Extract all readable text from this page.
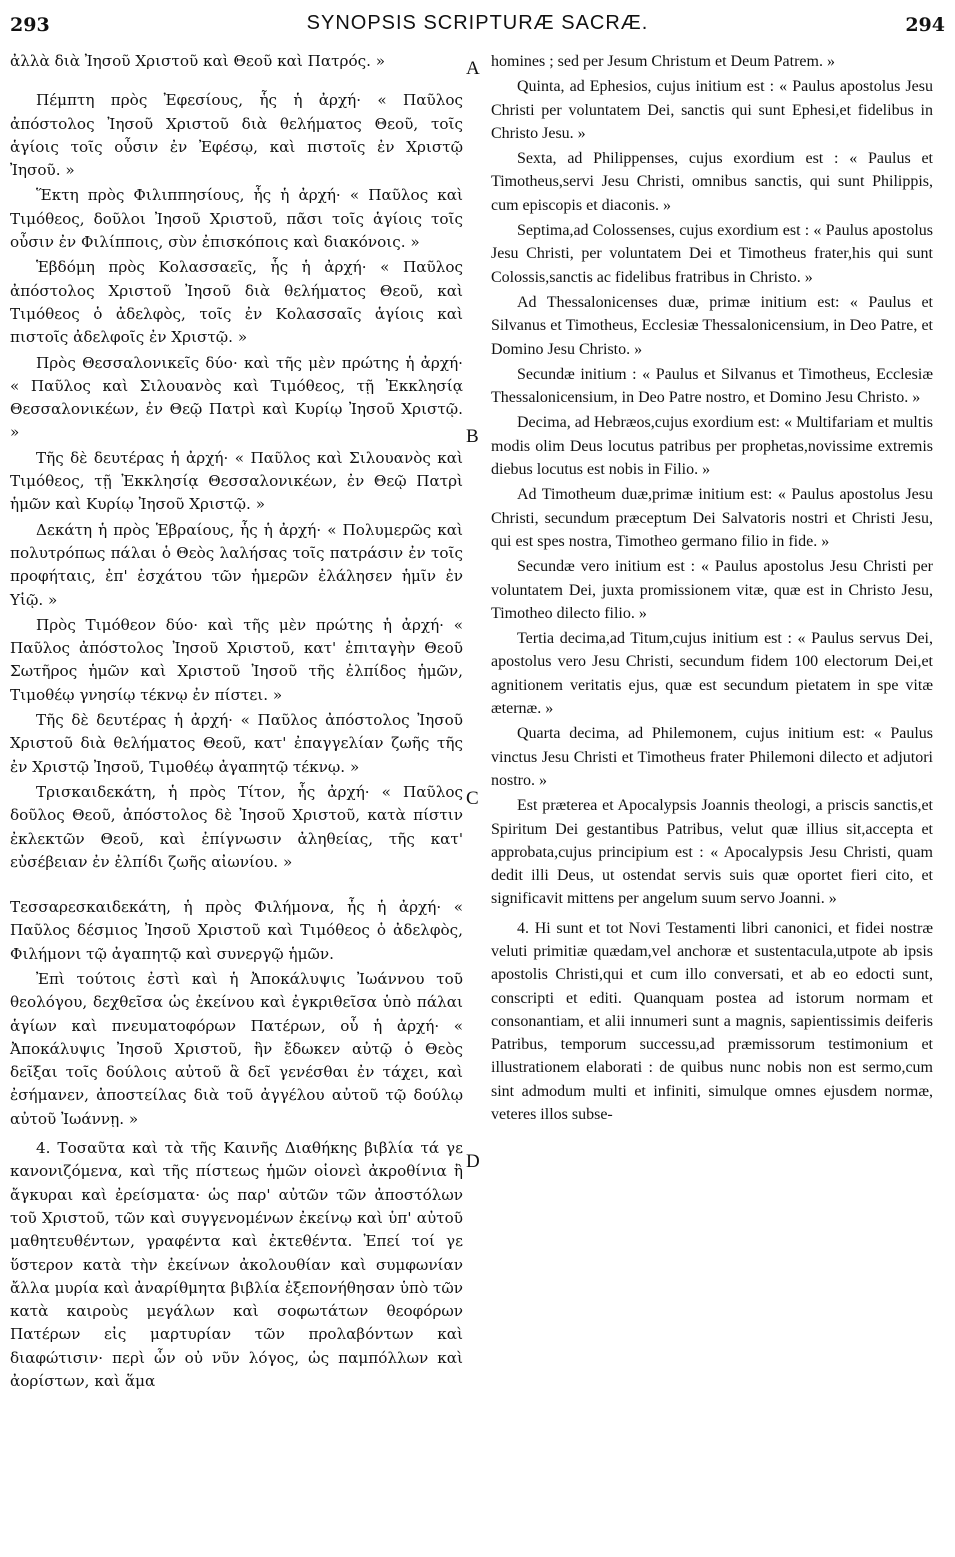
293	SYNOPSIS SCRIPTURÆ SACRÆ.	294
A
B
C
D

ἀλλὰ διὰ Ἰησοῦ Χριστοῦ καὶ Θεοῦ καὶ Πατρός. »

Πέμπτη πρὸς Ἐφεσίους, ἧς ἡ ἀρχή· « Παῦλος ἀπόστολος Ἰησοῦ Χριστοῦ διὰ θελήματος Θεοῦ, τοῖς ἁγίοις τοῖς οὖσιν ἐν Ἐφέσῳ, καὶ πιστοῖς ἐν Χριστῷ Ἰησοῦ. »

Ἕκτη πρὸς Φιλιππησίους, ἧς ἡ ἀρχή· « Παῦλος καὶ Τιμόθεος, δοῦλοι Ἰησοῦ Χριστοῦ, πᾶσι τοῖς ἁγίοις τοῖς οὖσιν ἐν Φιλίπποις, σὺν ἐπισκόποις καὶ διακόνοις. »

Ἑβδόμη πρὸς Κολασσαεῖς, ἧς ἡ ἀρχή· « Παῦλος ἀπόστολος Χριστοῦ Ἰησοῦ διὰ θελήματος Θεοῦ, καὶ Τιμόθεος ὁ ἀδελφὸς, τοῖς ἐν Κολασσαῖς ἁγίοις καὶ πιστοῖς ἀδελφοῖς ἐν Χριστῷ. »

Πρὸς Θεσσαλονικεῖς δύο· καὶ τῆς μὲν πρώτης ἡ ἀρχή· « Παῦλος καὶ Σιλουανὸς καὶ Τιμόθεος, τῇ Ἐκκλησίᾳ Θεσσαλονικέων, ἐν Θεῷ Πατρὶ καὶ Κυρίῳ Ἰησοῦ Χριστῷ. »

Τῆς δὲ δευτέρας ἡ ἀρχή· « Παῦλος καὶ Σιλουανὸς καὶ Τιμόθεος, τῇ Ἐκκλησίᾳ Θεσσαλονικέων, ἐν Θεῷ Πατρὶ ἡμῶν καὶ Κυρίῳ Ἰησοῦ Χριστῷ. »

Δεκάτη ἡ πρὸς Ἑβραίους, ἧς ἡ ἀρχή· « Πολυμερῶς καὶ πολυτρόπως πάλαι ὁ Θεὸς λαλήσας τοῖς πατράσιν ἐν τοῖς προφήταις, ἐπ' ἐσχάτου τῶν ἡμερῶν ἐλάλησεν ἡμῖν ἐν Υἱῷ. »

Πρὸς Τιμόθεον δύο· καὶ τῆς μὲν πρώτης ἡ ἀρχή· « Παῦλος ἀπόστολος Ἰησοῦ Χριστοῦ, κατ' ἐπιταγὴν Θεοῦ Σωτῆρος ἡμῶν καὶ Χριστοῦ Ἰησοῦ τῆς ἐλπίδος ἡμῶν, Τιμοθέῳ γνησίῳ τέκνῳ ἐν πίστει. »

Τῆς δὲ δευτέρας ἡ ἀρχή· « Παῦλος ἀπόστολος Ἰησοῦ Χριστοῦ διὰ θελήματος Θεοῦ, κατ' ἐπαγγελίαν ζωῆς τῆς ἐν Χριστῷ Ἰησοῦ, Τιμοθέῳ ἀγαπητῷ τέκνῳ. »

Τρισκαιδεκάτη, ἡ πρὸς Τίτον, ἧς ἀρχή· « Παῦλος δοῦλος Θεοῦ, ἀπόστολος δὲ Ἰησοῦ Χριστοῦ, κατὰ πίστιν ἐκλεκτῶν Θεοῦ, καὶ ἐπίγνωσιν ἀληθείας, τῆς κατ' εὐσέβειαν ἐν ἐλπίδι ζωῆς αἰωνίου. »

Τεσσαρεσκαιδεκάτη, ἡ πρὸς Φιλήμονα, ἧς ἡ ἀρχή· « Παῦλος δέσμιος Ἰησοῦ Χριστοῦ καὶ Τιμόθεος ὁ ἀδελφὸς, Φιλήμονι τῷ ἀγαπητῷ καὶ συνεργῷ ἡμῶν.

Ἐπὶ τούτοις ἐστὶ καὶ ἡ Ἀποκάλυψις Ἰωάννου τοῦ θεολόγου, δεχθεῖσα ὡς ἐκείνου καὶ ἐγκριθεῖσα ὑπὸ πάλαι ἁγίων καὶ πνευματοφόρων Πατέρων, οὗ ἡ ἀρχή· « Ἀποκάλυψις Ἰησοῦ Χριστοῦ, ἣν ἔδωκεν αὐτῷ ὁ Θεὸς δεῖξαι τοῖς δούλοις αὐτοῦ ἃ δεῖ γενέσθαι ἐν τάχει, καὶ ἐσήμανεν, ἀποστείλας διὰ τοῦ ἀγγέλου αὐτοῦ τῷ δούλῳ αὐτοῦ Ἰωάννῃ. »

4. Τοσαῦτα καὶ τὰ τῆς Καινῆς Διαθήκης βιβλία τά γε κανονιζόμενα, καὶ τῆς πίστεως ἡμῶν οἱονεὶ ἀκροθίνια ἢ ἄγκυραι καὶ ἐρείσματα· ὡς παρ' αὐτῶν τῶν ἀποστόλων τοῦ Χριστοῦ, τῶν καὶ συγγενομένων ἐκείνῳ καὶ ὑπ' αὐτοῦ μαθητευθέντων, γραφέντα καὶ ἐκτεθέντα. Ἐπεί τοί γε ὕστερον κατὰ τὴν ἐκείνων ἀκολουθίαν καὶ συμφωνίαν ἄλλα μυρία καὶ ἀναρίθμητα βιβλία ἐξεπονήθησαν ὑπὸ τῶν κατὰ καιροὺς μεγάλων καὶ σοφωτάτων θεοφόρων Πατέρων εἰς μαρτυρίαν τῶν προλαβόντων καὶ διαφώτισιν· περὶ ὧν οὐ νῦν λόγος, ὡς παμπόλλων καὶ ἀορίστων, καὶ ἅμα

homines ; sed per Jesum Christum et Deum Patrem. »

Quinta, ad Ephesios, cujus initium est : « Paulus apostolus Jesu Christi per voluntatem Dei, sanctis qui sunt Ephesi,et fidelibus in Christo Jesu. »

Sexta, ad Philippenses, cujus exordium est : « Paulus et Timotheus,servi Jesu Christi, omnibus sanctis, qui sunt Philippis, cum episcopis et diaconis. »

Septima,ad Colossenses, cujus exordium est : « Paulus apostolus Jesu Christi, per voluntatem Dei et Timotheus frater,his qui sunt Colossis,sanctis ac fidelibus fratribus in Christo. »

Ad Thessalonicenses duæ, primæ initium est: « Paulus et Silvanus et Timotheus, Ecclesiæ Thessalonicensium, in Deo Patre, et Domino Jesu Christo. »

Secundæ initium : « Paulus et Silvanus et Timotheus, Ecclesiæ Thessalonicensium, in Deo Patre nostro, et Domino Jesu Christo. »

Decima, ad Hebræos,cujus exordium est: « Multifariam et multis modis olim Deus locutus patribus per prophetas,novissime extremis diebus locutus est nobis in Filio. »

Ad Timotheum duæ,primæ initium est: « Paulus apostolus Jesu Christi, secundum præceptum Dei Salvatoris nostri et Christi Jesu, qui est spes nostra, Timotheo germano filio in fide. »

Secundæ vero initium est : « Paulus apostolus Jesu Christi per voluntatem Dei, juxta promissionem vitæ, quæ est in Christo Jesu, Timotheo dilecto filio. »

Tertia decima,ad Titum,cujus initium est : « Paulus servus Dei, apostolus vero Jesu Christi, secundum fidem 100 electorum Dei,et agnitionem veritatis ejus, quæ est secundum pietatem in spe vitæ æternæ. »

Quarta decima, ad Philemonem, cujus initium est: « Paulus vinctus Jesu Christi et Timotheus frater Philemoni dilecto et adjutori nostro. »

Est præterea et Apocalypsis Joannis theologi, a priscis sanctis,et Spiritum Dei gestantibus Patribus, velut quæ illius sit,accepta et approbata,cujus principium est : « Apocalypsis Jesu Christi, quam dedit illi Deus, ut ostendat servis suis quæ oportet fieri cito, et significavit mittens per angelum suum servo Joanni. »

4. Hi sunt et tot Novi Testamenti libri canonici, et fidei nostræ veluti primitiæ quædam,vel anchoræ et sustentacula,utpote ab ipsis apostolis Christi,qui et cum illo conversati, et ab eo edocti sunt, conscripti et editi. Quanquam postea ad istorum normam et consonantiam, et alii innumeri sunt a magnis, sapientissimis deiferis Patribus, temporum successu,ad præmissorum testimonium et illustrationem elaborati : de quibus nunc nobis non est sermo,cum sint admodum multi et infiniti, simulque omnes ejusdem normæ, veteres illos subse-
